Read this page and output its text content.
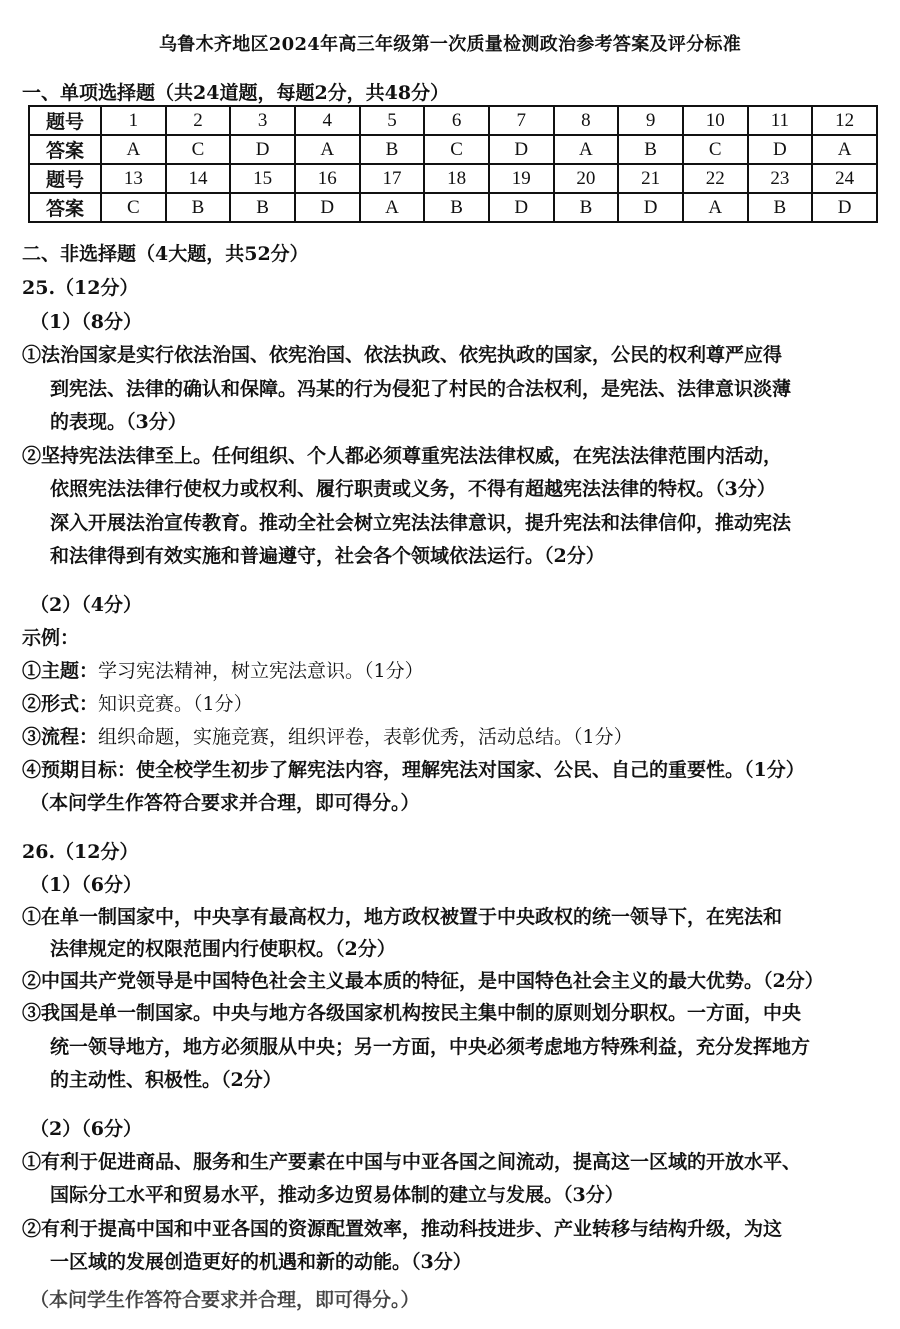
乌鲁木齐地区2024年高三年级第一次质量检测政治参考答案及评分标准
一、单项选择题（共24道题，每题2分，共48分）
题号	1	2	3	4	5	6	7	8	9	10	11	12
答案	A	C	D	A	B	C	D	A	B	C	D	A
题号	13	14	15	16	17	18	19	20	21	22	23	24
答案	C	B	B	D	A	B	D	B	D	A	B	D
二、非选择题（4大题，共52分）
25.（12分）
（1）（8分）
①法治国家是实行依法治国、依宪治国、依法执政、依宪执政的国家，公民的权利尊严应得
到宪法、法律的确认和保障。冯某的行为侵犯了村民的合法权利，是宪法、法律意识淡薄
的表现。（3分）
②坚持宪法法律至上。任何组织、个人都必须尊重宪法法律权威，在宪法法律范围内活动，
依照宪法法律行使权力或权利、履行职责或义务，不得有超越宪法法律的特权。（3分）
深入开展法治宣传教育。推动全社会树立宪法法律意识，提升宪法和法律信仰，推动宪法
和法律得到有效实施和普遍遵守，社会各个领域依法运行。（2分）
（2）（4分）
示例：
①主题：学习宪法精神，树立宪法意识。（1分）
②形式：知识竞赛。（1分）
③流程：组织命题，实施竞赛，组织评卷，表彰优秀，活动总结。（1分）
④预期目标：使全校学生初步了解宪法内容，理解宪法对国家、公民、自己的重要性。（1分）
（本问学生作答符合要求并合理，即可得分。）
26.（12分）
（1）（6分）
①在单一制国家中，中央享有最高权力，地方政权被置于中央政权的统一领导下，在宪法和
法律规定的权限范围内行使职权。（2分）
②中国共产党领导是中国特色社会主义最本质的特征，是中国特色社会主义的最大优势。（2分）
③我国是单一制国家。中央与地方各级国家机构按民主集中制的原则划分职权。一方面，中央
统一领导地方，地方必须服从中央；另一方面，中央必须考虑地方特殊利益，充分发挥地方
的主动性、积极性。（2分）
（2）（6分）
①有利于促进商品、服务和生产要素在中国与中亚各国之间流动，提高这一区域的开放水平、
国际分工水平和贸易水平，推动多边贸易体制的建立与发展。（3分）
②有利于提高中国和中亚各国的资源配置效率，推动科技进步、产业转移与结构升级，为这
一区域的发展创造更好的机遇和新的动能。（3分）
（本问学生作答符合要求并合理，即可得分。）
